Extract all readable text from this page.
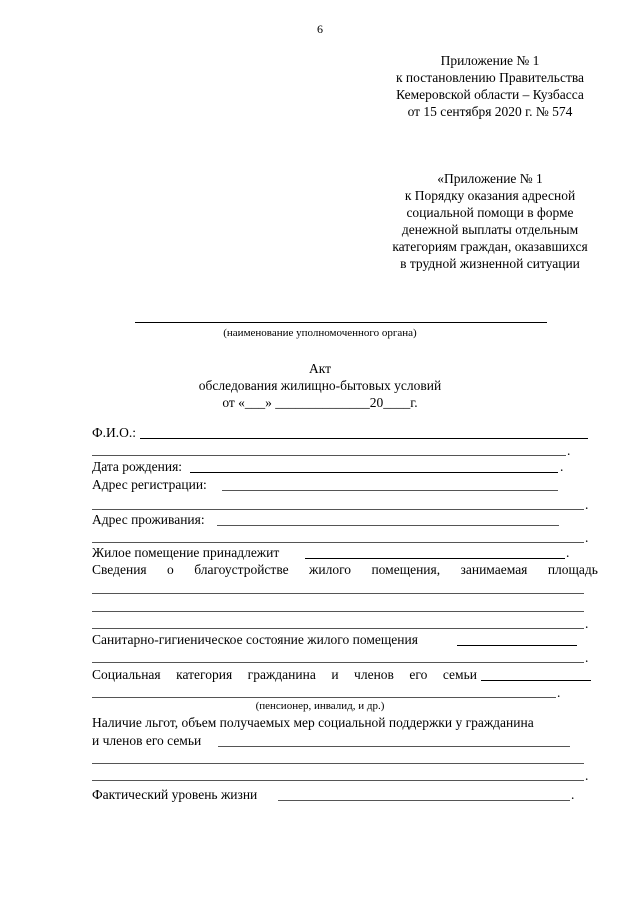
6
Приложение № 1
к постановлению Правительства
Кемеровской области – Кузбасса
от 15 сентября 2020 г. № 574
«Приложение № 1
к Порядку оказания адресной
социальной помощи в форме
денежной выплаты отдельным
категориям граждан, оказавшихся
в трудной жизненной ситуации
(наименование уполномоченного органа)
Акт
обследования жилищно-бытовых условий
от «___» ______________20____г.
Ф.И.О.:
.
Дата рождения:	.
Адрес регистрации:
.
Адрес проживания:
.
Жилое помещение принадлежит	.
Сведения о благоустройстве жилого помещения, занимаемая площадь
.
Санитарно-гигиеническое состояние жилого помещения
.
Социальная категория гражданина и членов его семьи
.
(пенсионер, инвалид, и др.)
Наличие льгот, объем получаемых мер социальной поддержки у гражданина
и членов его семьи
.
Фактический уровень жизни	.
